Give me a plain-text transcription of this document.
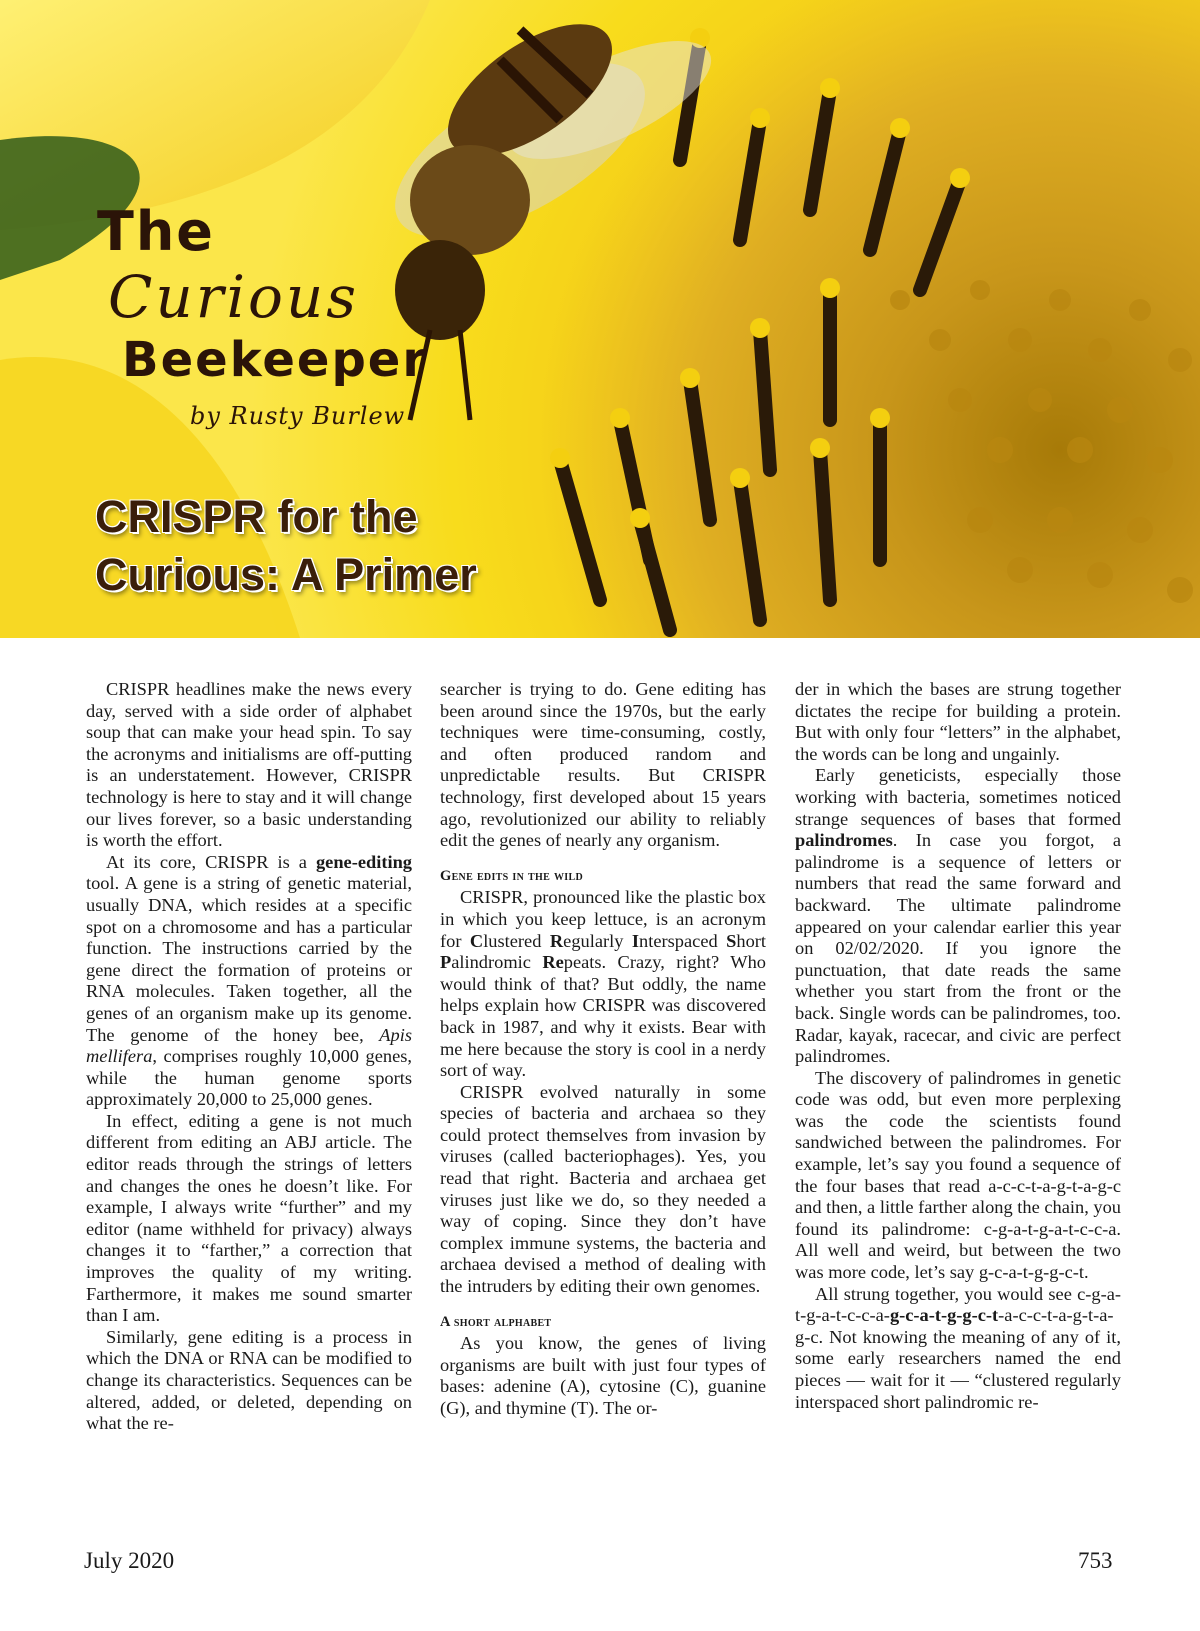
The
Curious
Beekeeper
by Rusty Burlew
CRISPR for the
Curious: A Primer

CRISPR headlines make the news every day, served with a side order of alphabet soup that can make your head spin. To say the acronyms and initialisms are off-putting is an understatement. However, CRISPR technology is here to stay and it will change our lives forever, so a basic understanding is worth the effort.

At its core, CRISPR is a gene-editing tool. A gene is a string of genetic material, usually DNA, which resides at a specific spot on a chromosome and has a particular function. The instructions carried by the gene direct the formation of proteins or RNA molecules. Taken together, all the genes of an organism make up its genome. The genome of the honey bee, Apis mellifera, comprises roughly 10,000 genes, while the human genome sports approximately 20,000 to 25,000 genes.

In effect, editing a gene is not much different from editing an ABJ article. The editor reads through the strings of letters and changes the ones he doesn’t like. For example, I always write “further” and my editor (name withheld for privacy) always changes it to “farther,” a correction that improves the quality of my writing. Farthermore, it makes me sound smarter than I am.

Similarly, gene editing is a process in which the DNA or RNA can be modified to change its characteristics. Sequences can be altered, added, or deleted, depending on what the re-

searcher is trying to do. Gene editing has been around since the 1970s, but the early techniques were time-consuming, costly, and often produced random and unpredictable results. But CRISPR technology, first developed about 15 years ago, revolutionized our ability to reliably edit the genes of nearly any organism.

Gene edits in the wild

CRISPR, pronounced like the plastic box in which you keep lettuce, is an acronym for Clustered Regularly Interspaced Short Palindromic Repeats. Crazy, right? Who would think of that? But oddly, the name helps explain how CRISPR was discovered back in 1987, and why it exists. Bear with me here because the story is cool in a nerdy sort of way.

CRISPR evolved naturally in some species of bacteria and archaea so they could protect themselves from invasion by viruses (called bacteriophages). Yes, you read that right. Bacteria and archaea get viruses just like we do, so they needed a way of coping. Since they don’t have complex immune systems, the bacteria and archaea devised a method of dealing with the intruders by editing their own genomes.

A short alphabet

As you know, the genes of living organisms are built with just four types of bases: adenine (A), cytosine (C), guanine (G), and thymine (T). The or-

der in which the bases are strung together dictates the recipe for building a protein. But with only four “letters” in the alphabet, the words can be long and ungainly.

Early geneticists, especially those working with bacteria, sometimes noticed strange sequences of bases that formed palindromes. In case you forgot, a palindrome is a sequence of letters or numbers that read the same forward and backward. The ultimate palindrome appeared on your calendar earlier this year on 02/02/2020. If you ignore the punctuation, that date reads the same whether you start from the front or the back. Single words can be palindromes, too. Radar, kayak, racecar, and civic are perfect palindromes.

The discovery of palindromes in genetic code was odd, but even more perplexing was the code the scientists found sandwiched between the palindromes. For example, let’s say you found a sequence of the four bases that read a-c-c-t-a-g-t-a-g-c and then, a little farther along the chain, you found its palindrome: c-g-a-t-g-a-t-c-c-a. All well and weird, but between the two was more code, let’s say g-c-a-t-g-g-c-t.

All strung together, you would see c-g-a-t-g-a-t-c-c-a-g-c-a-t-g-g-c-t-a-c-c-t-a-g-t-a-g-c. Not knowing the meaning of any of it, some early researchers named the end pieces — wait for it — “clustered regularly interspaced short palindromic re-

July 2020	753
